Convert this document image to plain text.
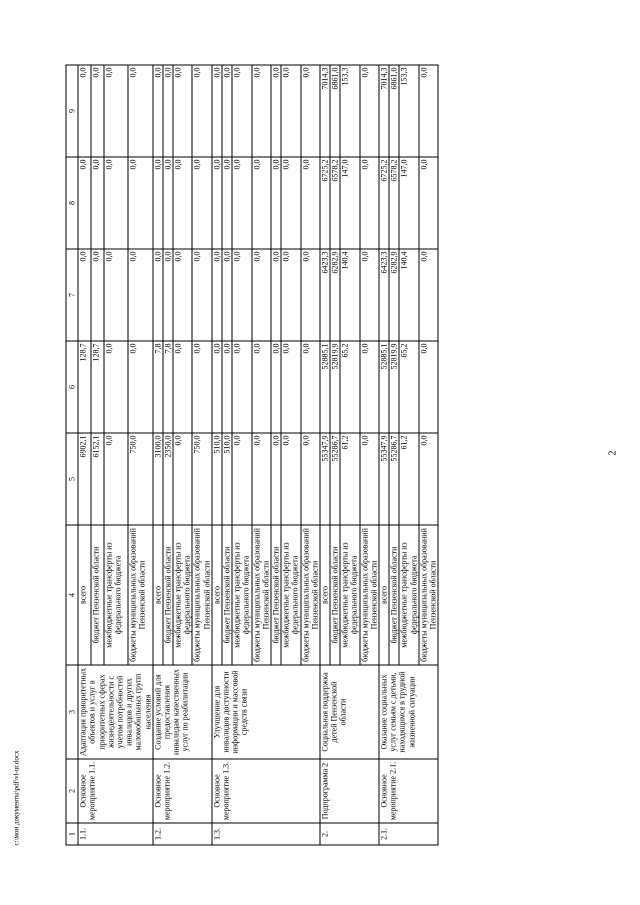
c:\мои документы\pdf\vl-ur.docx	1	2	3	4	5	6	7	8	9
1.1.	Основное мероприятие 1.1.	Адаптация приоритетных объектов и услуг в приоритетных сферах жизнедеятельности с учетом потребностей инвалидов и других маломобильных групп населения	всего	6902,1	128,7	0,0	0,0	0,0
			бюджет Пензенской области	6152,1	128,7	0,0	0,0	0,0
			межбюджетные трансферты из федерального бюджета	0,0	0,0	0,0	0,0	0,0
			бюджеты муниципальных образований Пензенской области	750,0	0,0	0,0	0,0	0,0
1.2.	Основное мероприятие 1.2.	Создание условий для предоставления инвалидам качественных услуг по реабилитации	всего	3100,0	7,8	0,0	0,0	0,0
			бюджет Пензенской области	2350,0	7,8	0,0	0,0	0,0
			межбюджетные трансферты из федерального бюджета	0,0	0,0	0,0	0,0	0,0
			бюджеты муниципальных образований Пензенской области	750,0	0,0	0,0	0,0	0,0
1.3.	Основное мероприятие 1.3.	Улучшение для инвалидов доступности информации и массовой средств связи	всего	510,0	0,0	0,0	0,0	0,0
			бюджет Пензенской области	510,0	0,0	0,0	0,0	0,0
			межбюджетные трансферты из федерального бюджета	0,0	0,0	0,0	0,0	0,0
			бюджеты муниципальных образований Пензенской области	0,0	0,0	0,0	0,0	0,0
			бюджет Пензенской области	0,0	0,0	0,0	0,0	0,0
			межбюджетные трансферты из федерального бюджета	0,0	0,0	0,0	0,0	0,0
			бюджеты муниципальных образований Пензенской области	0,0	0,0	0,0	0,0	0,0
2.	Подпрограмма 2	Социальная поддержка детей Пензенской области	всего	55347,9	52885,1	6423,3	6725,2	7014,3
			бюджет Пензенской области	55286,7	52819,9	6282,9	6578,2	6861,0
			межбюджетные трансферты из федерального бюджета	61,2	65,2	140,4	147,0	153,3
			бюджеты муниципальных образований Пензенской области	0,0	0,0	0,0	0,0	0,0
2.1.	Основное мероприятие 2.1.	Оказание социальных услуг семьям с детьми, находящимся в трудной жизненной ситуации	всего	55347,9	52885,1	6423,3	6725,2	7014,3
			бюджет Пензенской области	55286,7	52819,9	6282,9	6578,2	6861,0
			межбюджетные трансферты из федерального бюджета	61,2	65,2	140,4	147,0	153,3
			бюджеты муниципальных образований Пензенской области	0,0	0,0	0,0	0,0	0,0
2
